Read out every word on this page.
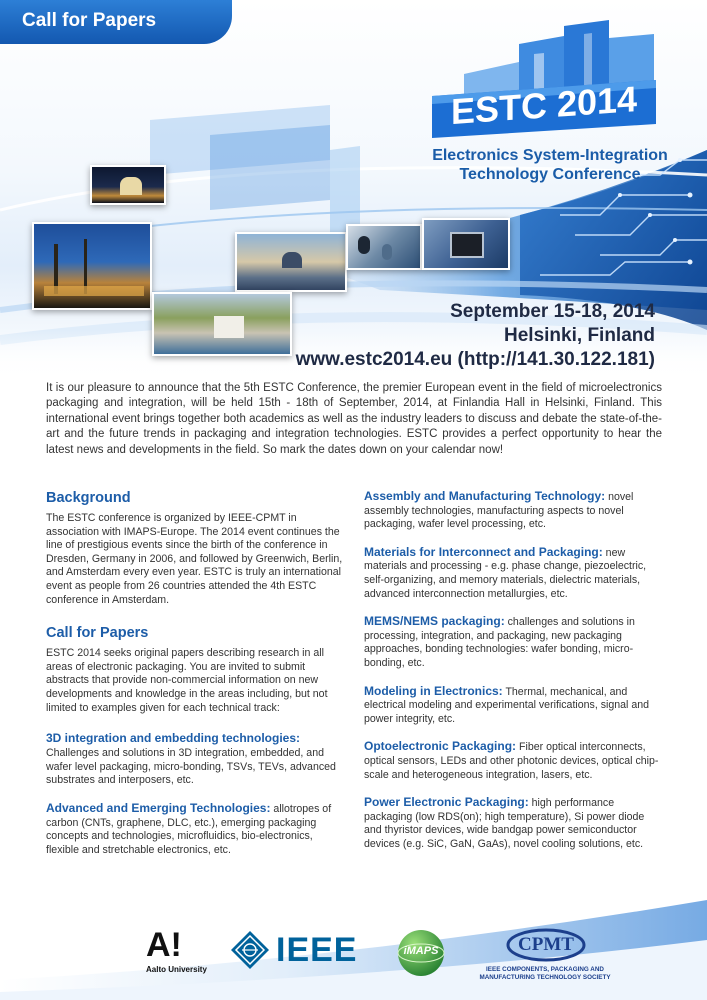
Call for Papers
ESTC 2014
Electronics System-Integration
Technology Conference
September 15-18, 2014
Helsinki, Finland
www.estc2014.eu (http://141.30.122.181)

It is our pleasure to announce that the 5th ESTC Conference, the premier European event in the field of microelectronics packaging and integration, will be held 15th - 18th of September, 2014, at Finlandia Hall in Helsinki, Finland. This international event brings together both academics as well as the industry leaders to discuss and debate the state-of-the-art and the future trends in packaging and integration technologies. ESTC provides a perfect opportunity to hear the latest news and developments in the field. So mark the dates down on your calendar now!

Background

The ESTC conference is organized by IEEE-CPMT in association with IMAPS-Europe. The 2014 event continues the line of prestigious events since the birth of the conference in Dresden, Germany in 2006, and followed by Greenwich, Berlin, and Amsterdam every even year. ESTC is truly an international event as people from 26 countries attended the 4th ESTC conference in Amsterdam.

Call for Papers

ESTC 2014 seeks original papers describing research in all areas of electronic packaging. You are invited to submit abstracts that provide non-commercial information on new developments and knowledge in the areas including, but not limited to examples given for each technical track:

3D integration and embedding technologies:

Challenges and solutions in 3D integration, embedded, and wafer level packaging, micro-bonding, TSVs, TEVs, advanced substrates and interposers, etc.

Advanced and Emerging Technologies: allotropes of carbon (CNTs, graphene, DLC, etc.), emerging packaging concepts and technologies, microfluidics, bio-electronics, flexible and stretchable electronics, etc.

Assembly and Manufacturing Technology: novel assembly technologies, manufacturing aspects to novel packaging, wafer level processing, etc.

Materials for Interconnect and Packaging: new materials and processing - e.g. phase change, piezoelectric, self-organizing, and memory materials, dielectric materials, advanced interconnection metallurgies, etc.

MEMS/NEMS packaging: challenges and solutions in processing, integration, and packaging, new packaging approaches, bonding technologies: wafer bonding, micro-bonding, etc.

Modeling in Electronics: Thermal, mechanical, and electrical modeling and experimental verifications, signal and power integrity, etc.

Optoelectronic Packaging: Fiber optical interconnects, optical sensors, LEDs and other photonic devices, optical chip-scale and heterogeneous integration, lasers, etc.

Power Electronic Packaging: high performance packaging (low RDS(on); high temperature), Si power diode and thyristor devices, wide bandgap power semiconductor devices (e.g. SiC, GaN, GaAs), novel cooling solutions, etc.

A!
Aalto University
IEEE	iMAPS	CPMT
IEEE COMPONENTS, PACKAGING AND
MANUFACTURING TECHNOLOGY SOCIETY
